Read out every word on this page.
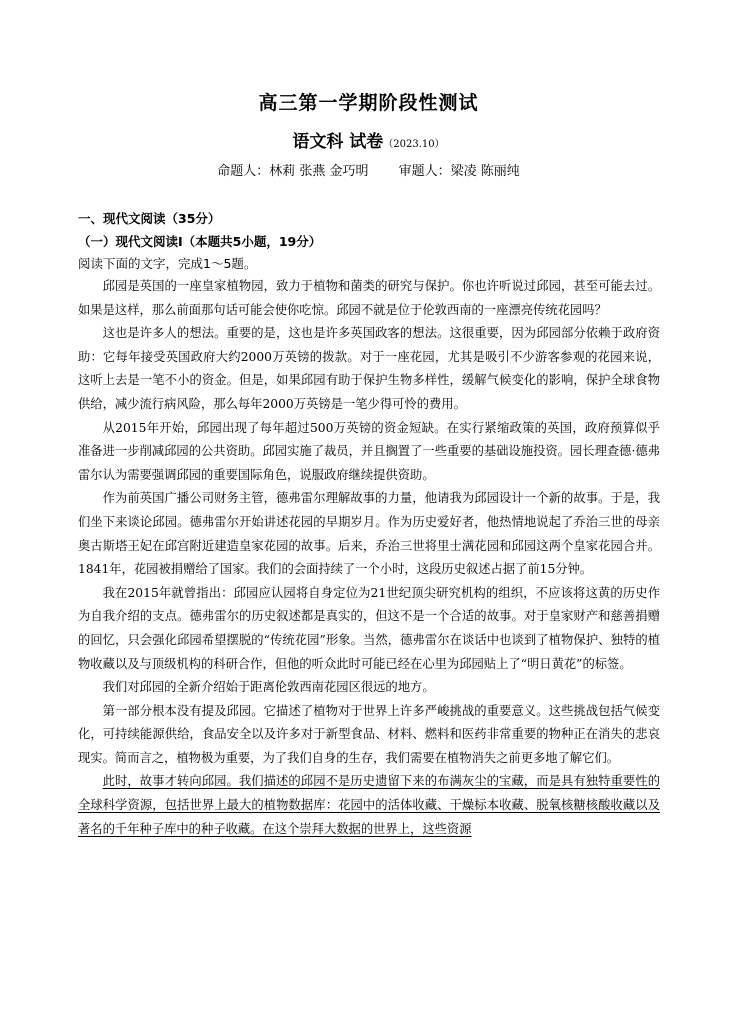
高三第一学期阶段性测试
语文科 试卷（2023.10）
命题人：林莉 张燕 金巧明 审题人：梁凌 陈丽纯
一、现代文阅读（35分）
（一）现代文阅读Ⅰ（本题共5小题，19分）
阅读下面的文字，完成1～5题。

邱园是英国的一座皇家植物园，致力于植物和菌类的研究与保护。你也许听说过邱园，甚至可能去过。如果是这样，那么前面那句话可能会使你吃惊。邱园不就是位于伦敦西南的一座漂亮传统花园吗？

这也是许多人的想法。重要的是，这也是许多英国政客的想法。这很重要，因为邱园部分依赖于政府资助：它每年接受英国政府大约2000万英镑的拨款。对于一座花园，尤其是吸引不少游客参观的花园来说，这听上去是一笔不小的资金。但是，如果邱园有助于保护生物多样性，缓解气候变化的影响，保护全球食物供给，减少流行病风险，那么每年2000万英镑是一笔少得可怜的费用。

从2015年开始，邱园出现了每年超过500万英镑的资金短缺。在实行紧缩政策的英国，政府预算似乎准备进一步削减邱园的公共资助。邱园实施了裁员，并且搁置了一些重要的基础设施投资。园长理查德·德弗雷尔认为需要强调邱园的重要国际角色，说服政府继续提供资助。

作为前英国广播公司财务主管，德弗雷尔理解故事的力量，他请我为邱园设计一个新的故事。于是，我们坐下来谈论邱园。德弗雷尔开始讲述花园的早期岁月。作为历史爱好者，他热情地说起了乔治三世的母亲奥古斯塔王妃在邱宫附近建造皇家花园的故事。后来，乔治三世将里士满花园和邱园这两个皇家花园合并。1841年，花园被捐赠给了国家。我们的会面持续了一个小时，这段历史叙述占据了前15分钟。

我在2015年就曾指出：邱园应认园将自身定位为21世纪顶尖研究机构的组织，不应该将这黄的历史作为自我介绍的支点。德弗雷尔的历史叙述都是真实的，但这不是一个合适的故事。对于皇家财产和慈善捐赠的回忆，只会强化邱园希望摆脱的“传统花园”形象。当然，德弗雷尔在谈话中也谈到了植物保护、独特的植物收藏以及与顶级机构的科研合作，但他的听众此时可能已经在心里为邱园贴上了“明日黄花”的标签。

我们对邱园的全新介绍始于距离伦敦西南花园区很远的地方。

第一部分根本没有提及邱园。它描述了植物对于世界上许多严峻挑战的重要意义。这些挑战包括气候变化，可持续能源供给，食品安全以及许多对于新型食品、材料、燃料和医药非常重要的物种正在消失的悲哀现实。简而言之，植物极为重要，为了我们自身的生存，我们需要在植物消失之前更多地了解它们。

此时，故事才转向邱园。我们描述的邱园不是历史遗留下来的布满灰尘的宝藏，而是具有独特重要性的全球科学资源，包括世界上最大的植物数据库：花园中的活体收藏、干燥标本收藏、脱氧核糖核酸收藏以及著名的千年种子库中的种子收藏。在这个崇拜大数据的世界上，这些资源
